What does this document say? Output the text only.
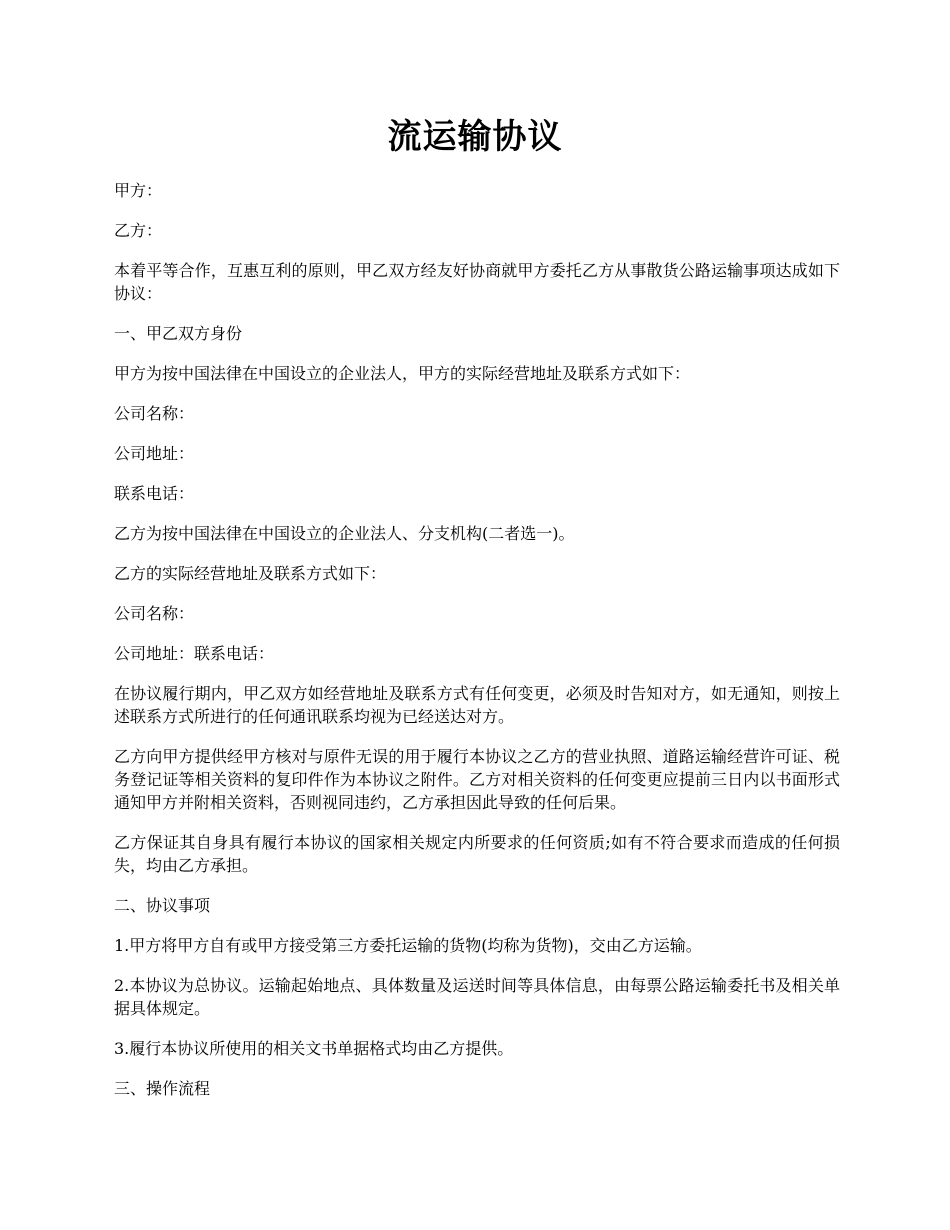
流运输协议

甲方：

乙方：

本着平等合作，互惠互利的原则，甲乙双方经友好协商就甲方委托乙方从事散货公路运输事项达成如下协议：

一、甲乙双方身份

甲方为按中国法律在中国设立的企业法人，甲方的实际经营地址及联系方式如下：

公司名称：

公司地址：

联系电话：

乙方为按中国法律在中国设立的企业法人、分支机构(二者选一)。

乙方的实际经营地址及联系方式如下：

公司名称：

公司地址：联系电话：

在协议履行期内，甲乙双方如经营地址及联系方式有任何变更，必须及时告知对方，如无通知，则按上述联系方式所进行的任何通讯联系均视为已经送达对方。

乙方向甲方提供经甲方核对与原件无误的用于履行本协议之乙方的营业执照、道路运输经营许可证、税务登记证等相关资料的复印件作为本协议之附件。乙方对相关资料的任何变更应提前三日内以书面形式通知甲方并附相关资料，否则视同违约，乙方承担因此导致的任何后果。

乙方保证其自身具有履行本协议的国家相关规定内所要求的任何资质;如有不符合要求而造成的任何损失，均由乙方承担。

二、协议事项

1.甲方将甲方自有或甲方接受第三方委托运输的货物(均称为货物)，交由乙方运输。

2.本协议为总协议。运输起始地点、具体数量及运送时间等具体信息，由每票公路运输委托书及相关单据具体规定。

3.履行本协议所使用的相关文书单据格式均由乙方提供。

三、操作流程
